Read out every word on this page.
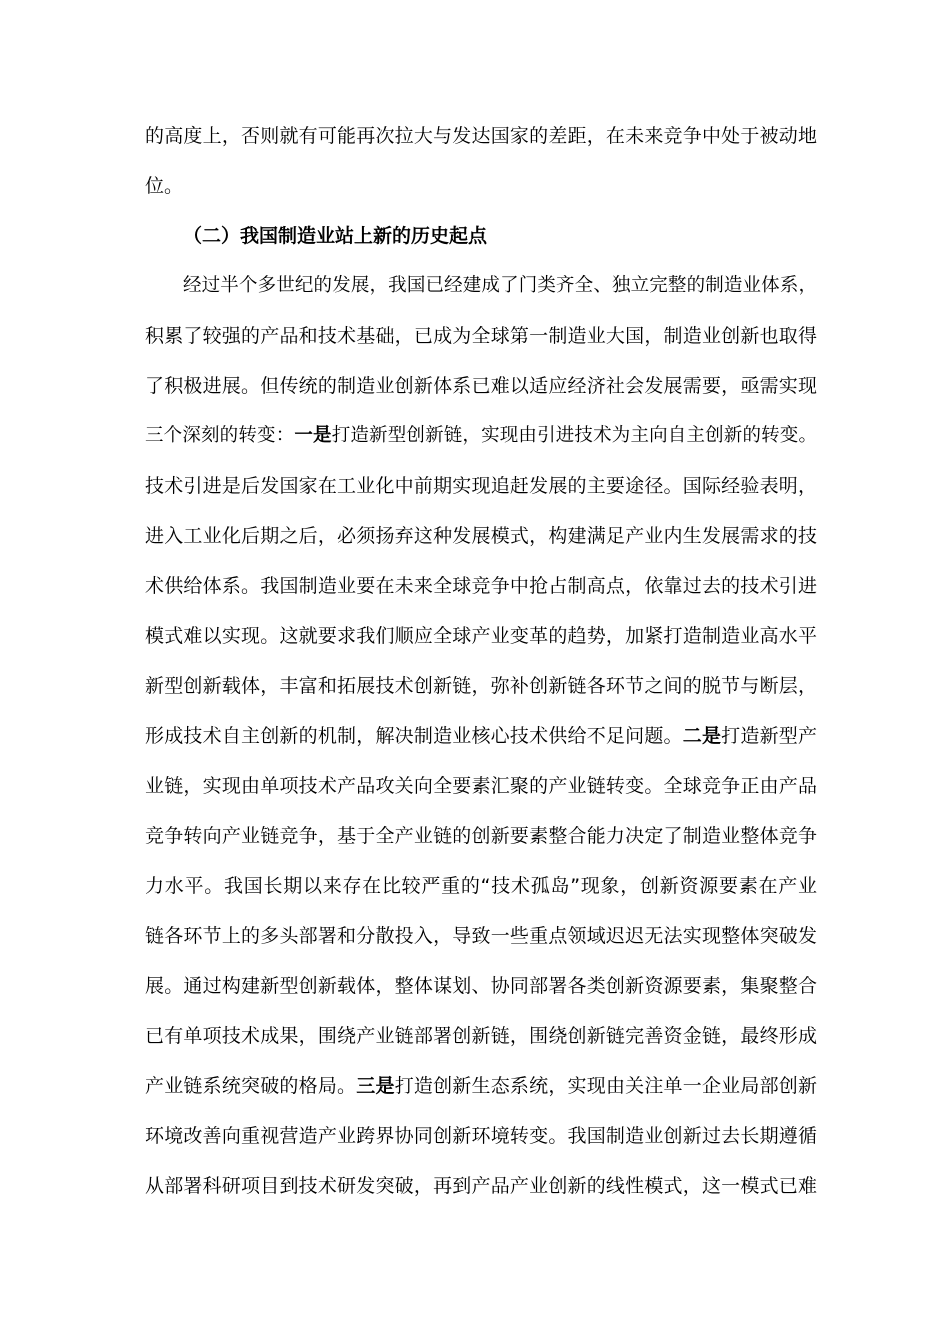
的高度上，否则就有可能再次拉大与发达国家的差距，在未来竞争中处于被动地
位。
（二）我国制造业站上新的历史起点
经过半个多世纪的发展，我国已经建成了门类齐全、独立完整的制造业体系，
积累了较强的产品和技术基础，已成为全球第一制造业大国，制造业创新也取得
了积极进展。但传统的制造业创新体系已难以适应经济社会发展需要，亟需实现
三个深刻的转变：一是打造新型创新链，实现由引进技术为主向自主创新的转变。
技术引进是后发国家在工业化中前期实现追赶发展的主要途径。国际经验表明，
进入工业化后期之后，必须扬弃这种发展模式，构建满足产业内生发展需求的技
术供给体系。我国制造业要在未来全球竞争中抢占制高点，依靠过去的技术引进
模式难以实现。这就要求我们顺应全球产业变革的趋势，加紧打造制造业高水平
新型创新载体，丰富和拓展技术创新链，弥补创新链各环节之间的脱节与断层，
形成技术自主创新的机制，解决制造业核心技术供给不足问题。二是打造新型产
业链，实现由单项技术产品攻关向全要素汇聚的产业链转变。全球竞争正由产品
竞争转向产业链竞争，基于全产业链的创新要素整合能力决定了制造业整体竞争
力水平。我国长期以来存在比较严重的“技术孤岛”现象，创新资源要素在产业
链各环节上的多头部署和分散投入，导致一些重点领域迟迟无法实现整体突破发
展。通过构建新型创新载体，整体谋划、协同部署各类创新资源要素，集聚整合
已有单项技术成果，围绕产业链部署创新链，围绕创新链完善资金链，最终形成
产业链系统突破的格局。三是打造创新生态系统，实现由关注单一企业局部创新
环境改善向重视营造产业跨界协同创新环境转变。我国制造业创新过去长期遵循
从部署科研项目到技术研发突破，再到产品产业创新的线性模式，这一模式已难
